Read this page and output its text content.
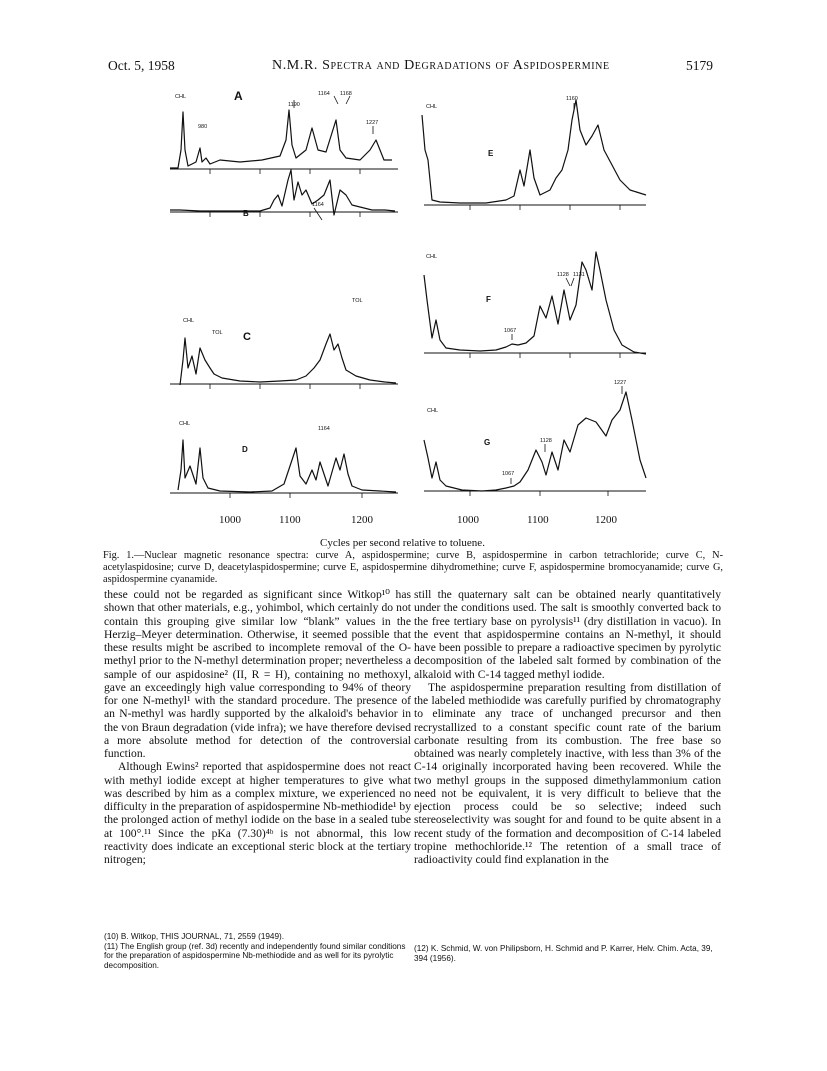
Oct. 5, 1958	N.M.R. Spectra and Degradations of Aspidospermine	5179
A
B
C
D
E
F
G
CHL
980
1164 1168
1190
1227
1164
CHL
TOL
TOL
CHL
1164
CHL
1160
CHL
1128 1131
1067
CHL
1227
1128
1067
1000	1100	1200	1000	1100	1200
Cycles per second relative to toluene.
Fig. 1.—Nuclear magnetic resonance spectra: curve A, aspidospermine; curve B, aspidospermine in carbon tetrachloride; curve C, N-acetylaspidosine; curve D, deacetylaspidospermine; curve E, aspidospermine dihydromethine; curve F, aspidospermine bromocyanamide; curve G, aspidospermine cyanamide.

these could not be regarded as significant since Witkop¹⁰ has shown that other materials, e.g., yohimbol, which certainly do not contain this grouping give similar low “blank” values in the Herzig–Meyer determination. Otherwise, it seemed possible that these results might be ascribed to incomplete removal of the O-methyl prior to the N-methyl determination proper; nevertheless a sample of our aspidosine² (II, R = H), containing no methoxyl, gave an exceedingly high value corresponding to 94% of theory for one N-methyl¹ with the standard procedure. The presence of an N-methyl was hardly supported by the alkaloid's behavior in the von Braun degradation (vide infra); we have therefore devised a more absolute method for detection of the controversial function.

Although Ewins² reported that aspidospermine does not react with methyl iodide except at higher temperatures to give what was described by him as a complex mixture, we experienced no difficulty in the preparation of aspidospermine Nb-methiodide¹ by the prolonged action of methyl iodide on the base in a sealed tube at 100°.¹¹ Since the pKa (7.30)⁴ᵇ is not abnormal, this low reactivity does indicate an exceptional steric block at the tertiary nitrogen;

(10) B. Witkop, THIS JOURNAL, 71, 2559 (1949).

(11) The English group (ref. 3d) recently and independently found similar conditions for the preparation of aspidospermine Nb-methiodide and as well for its pyrolytic decomposition.

still the quaternary salt can be obtained nearly quantitatively under the conditions used. The salt is smoothly converted back to the free tertiary base on pyrolysis¹¹ (dry distillation in vacuo). In the event that aspidospermine contains an N-methyl, it should have been possible to prepare a radioactive specimen by pyrolytic decomposition of the labeled salt formed by combination of the alkaloid with C-14 tagged methyl iodide.

The aspidospermine preparation resulting from distillation of the labeled methiodide was carefully purified by chromatography to eliminate any trace of unchanged precursor and then recrystallized to a constant specific count rate of the barium carbonate resulting from its combustion. The free base so obtained was nearly completely inactive, with less than 3% of the C-14 originally incorporated having been recovered. While the two methyl groups in the supposed dimethylammonium cation need not be equivalent, it is very difficult to believe that the ejection process could be so selective; indeed such stereoselectivity was sought for and found to be quite absent in a recent study of the formation and decomposition of C-14 labeled tropine methochloride.¹² The retention of a small trace of radioactivity could find explanation in the

(12) K. Schmid, W. von Philipsborn, H. Schmid and P. Karrer, Helv. Chim. Acta, 39, 394 (1956).
